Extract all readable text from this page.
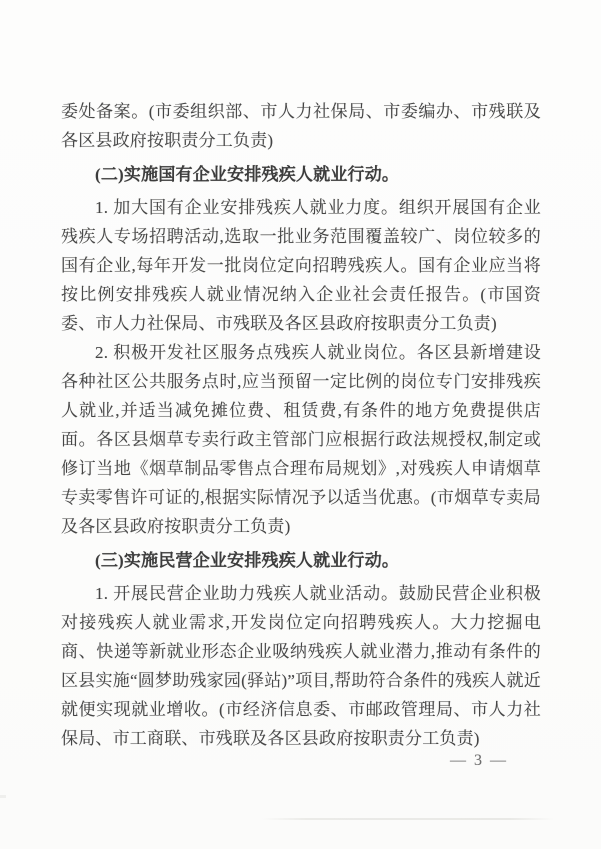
委处备案。(市委组织部、市人力社保局、市委编办、市残联及各区县政府按职责分工负责)

(二)实施国有企业安排残疾人就业行动。

1. 加大国有企业安排残疾人就业力度。组织开展国有企业残疾人专场招聘活动,选取一批业务范围覆盖较广、岗位较多的国有企业,每年开发一批岗位定向招聘残疾人。国有企业应当将按比例安排残疾人就业情况纳入企业社会责任报告。(市国资委、市人力社保局、市残联及各区县政府按职责分工负责)

2. 积极开发社区服务点残疾人就业岗位。各区县新增建设各种社区公共服务点时,应当预留一定比例的岗位专门安排残疾人就业,并适当减免摊位费、租赁费,有条件的地方免费提供店面。各区县烟草专卖行政主管部门应根据行政法规授权,制定或修订当地《烟草制品零售点合理布局规划》,对残疾人申请烟草专卖零售许可证的,根据实际情况予以适当优惠。(市烟草专卖局及各区县政府按职责分工负责)

(三)实施民营企业安排残疾人就业行动。

1. 开展民营企业助力残疾人就业活动。鼓励民营企业积极对接残疾人就业需求,开发岗位定向招聘残疾人。大力挖掘电商、快递等新就业形态企业吸纳残疾人就业潜力,推动有条件的区县实施“圆梦助残家园(驿站)”项目,帮助符合条件的残疾人就近就便实现就业增收。(市经济信息委、市邮政管理局、市人力社保局、市工商联、市残联及各区县政府按职责分工负责)

— 3 —
